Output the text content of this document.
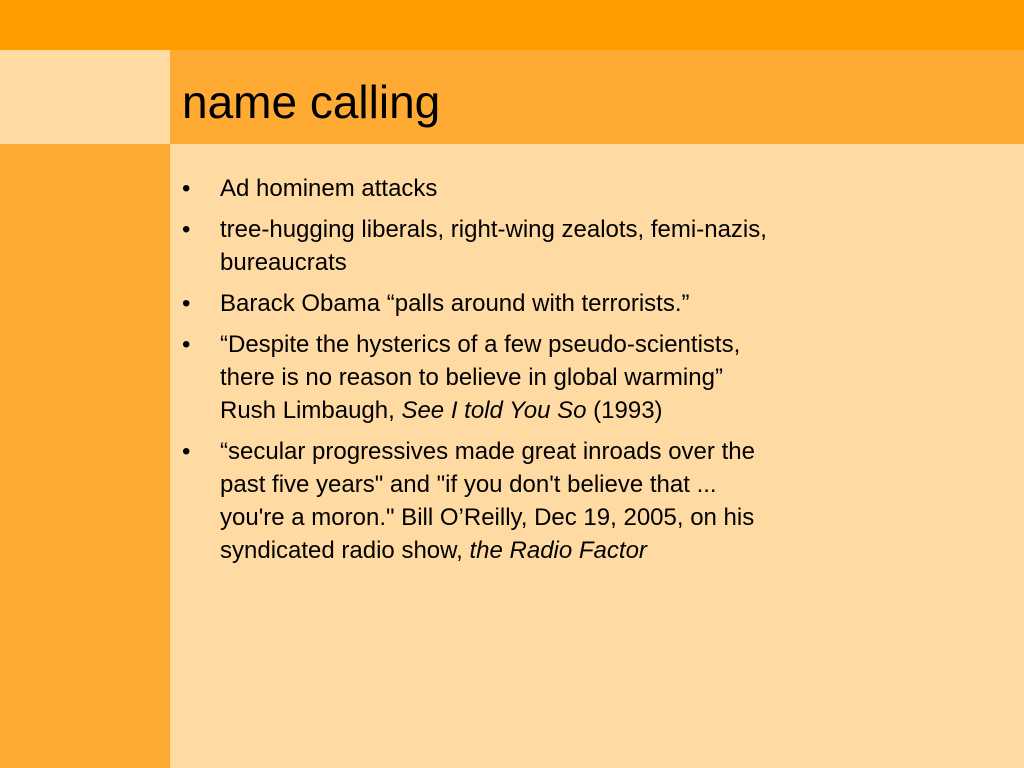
name calling
• Ad hominem attacks
• tree-hugging liberals, right-wing zealots, femi-nazis,
bureaucrats
• Barack Obama “palls around with terrorists.”
• “Despite the hysterics of a few pseudo-scientists,
there is no reason to believe in global warming”
Rush Limbaugh, See I told You So (1993)
• “secular progressives made great inroads over the
past five years" and "if you don't believe that ...
you're a moron." Bill O’Reilly, Dec 19, 2005, on his
syndicated radio show, the Radio Factor
